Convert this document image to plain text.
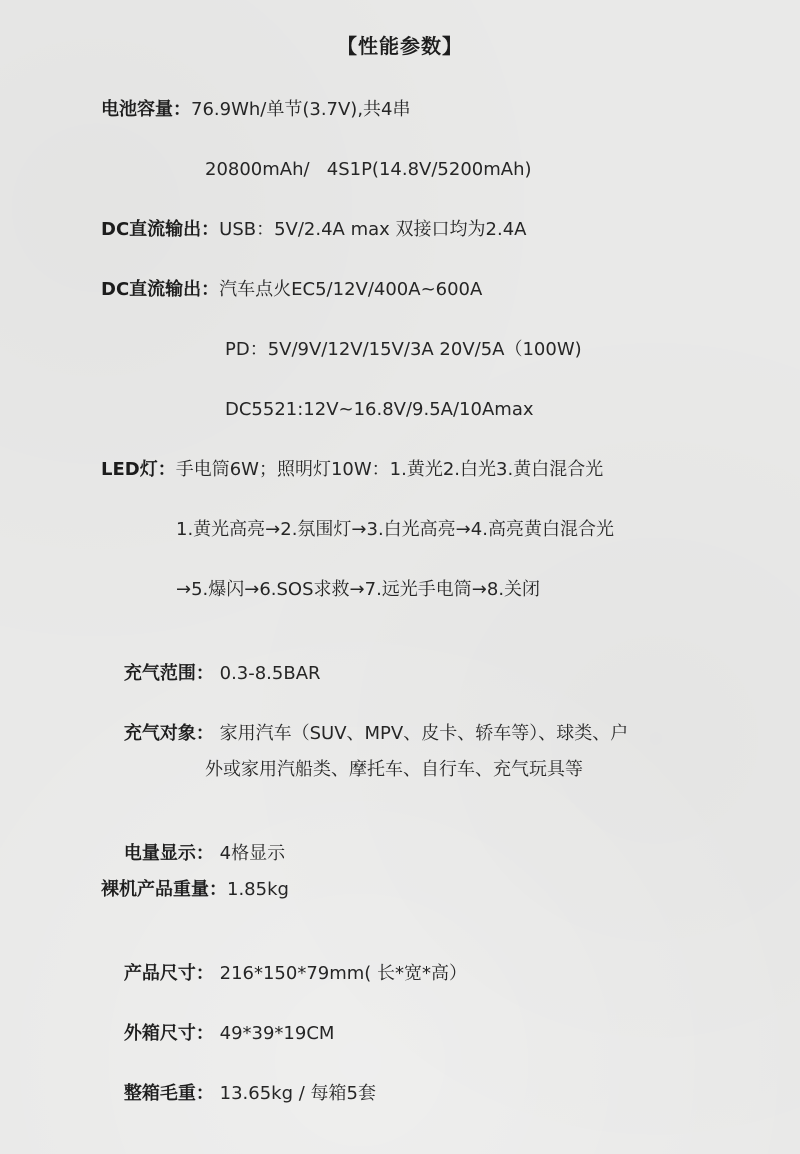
【性能参数】
电池容量：76.9Wh/单节(3.7V),共4串
20800mAh/   4S1P(14.8V/5200mAh)
DC直流输出：USB：5V/2.4A max 双接口均为2.4A
DC直流输出：汽车点火EC5/12V/400A~600A
PD：5V/9V/12V/15V/3A 20V/5A（100W)
DC5521:12V~16.8V/9.5A/10Amax
LED灯：手电筒6W；照明灯10W：1.黄光2.白光3.黄白混合光
1.黄光高亮→2.氛围灯→3.白光高亮→4.高亮黄白混合光
→5.爆闪→6.SOS求救→7.远光手电筒→8.关闭

充气范围： 0.3-8.5BAR

充气对象： 家用汽车（SUV、MPV、皮卡、轿车等）、球类、户

外或家用汽船类、摩托车、自行车、充气玩具等

电量显示： 4格显示

裸机产品重量：1.85kg

产品尺寸： 216*150*79mm( 长*宽*高）

外箱尺寸： 49*39*19CM

整箱毛重： 13.65kg / 每箱5套
